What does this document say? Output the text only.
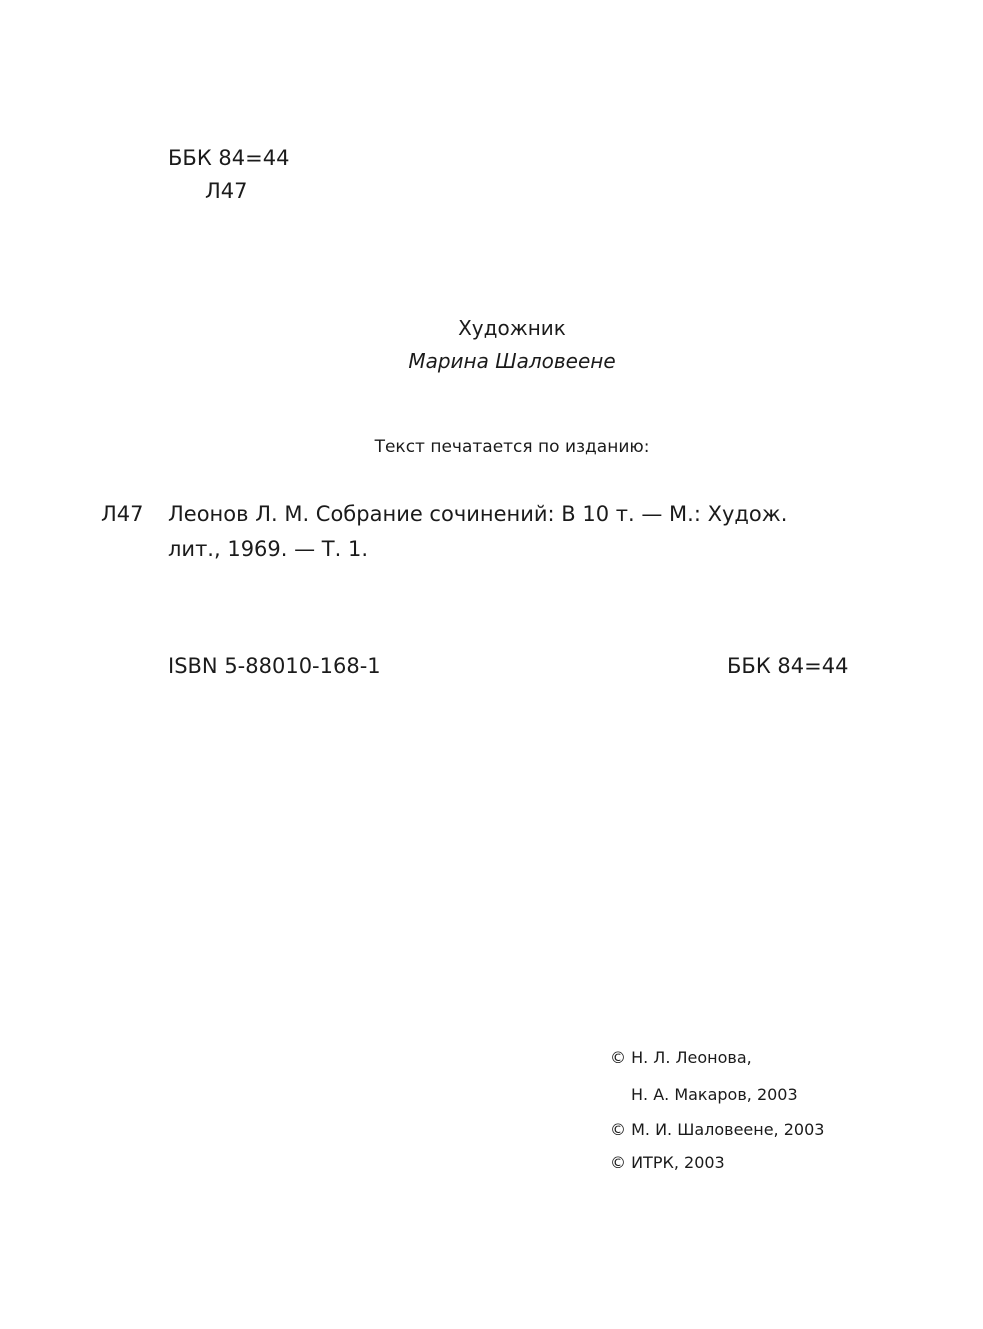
ББК 84=44
Л47
Художник
Марина Шаловеене
Текст печатается по изданию:
Л47 Леонов Л. М. Собрание сочинений: В 10 т. — М.: Худож.
лит., 1969. — Т. 1.
ISBN 5-88010-168-1	ББК 84=44
© Н. Л. Леонова,
Н. А. Макаров, 2003
© М. И. Шаловеене, 2003
© ИТРК, 2003
